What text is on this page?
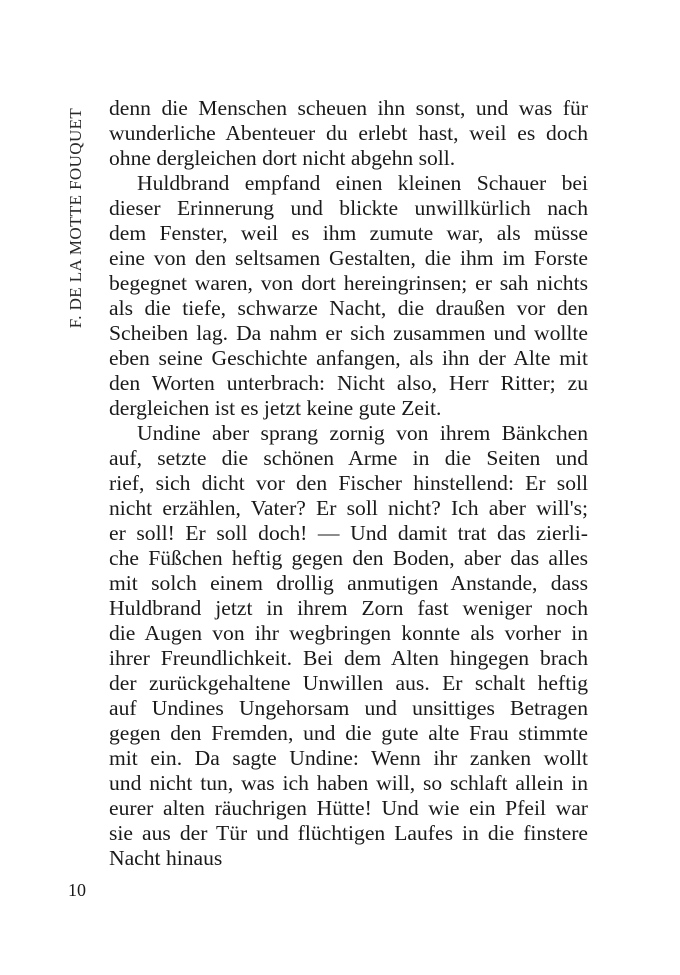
F. DE LA MOTTE FOUQUET denn die Menschen scheuen ihn sonst, und was für
wunderliche Abenteuer du erlebt hast, weil es doch
ohne dergleichen dort nicht abgehn soll.
Huldbrand empfand einen kleinen Schauer bei
dieser Erinnerung und blickte unwillkürlich nach
dem Fenster, weil es ihm zumute war, als müsse
eine von den seltsamen Gestalten, die ihm im Forste
begegnet waren, von dort hereingrinsen; er sah nichts
als die tiefe, schwarze Nacht, die draußen vor den
Scheiben lag. Da nahm er sich zusammen und wollte
eben seine Geschichte anfangen, als ihn der Alte mit
den Worten unterbrach: Nicht also, Herr Ritter; zu
dergleichen ist es jetzt keine gute Zeit.
Undine aber sprang zornig von ihrem Bänkchen
auf, setzte die schönen Arme in die Seiten und
rief, sich dicht vor den Fischer hinstellend: Er soll
nicht erzählen, Vater? Er soll nicht? Ich aber will's;
er soll! Er soll doch! — Und damit trat das zierli-
che Füßchen heftig gegen den Boden, aber das alles
mit solch einem drollig anmutigen Anstande, dass
Huldbrand jetzt in ihrem Zorn fast weniger noch
die Augen von ihr wegbringen konnte als vorher in
ihrer Freundlichkeit. Bei dem Alten hingegen brach
der zurückgehaltene Unwillen aus. Er schalt heftig
auf Undines Ungehorsam und unsittiges Betragen
gegen den Fremden, und die gute alte Frau stimmte
mit ein. Da sagte Undine: Wenn ihr zanken wollt
und nicht tun, was ich haben will, so schlaft allein in
eurer alten räuchrigen Hütte! Und wie ein Pfeil war
sie aus der Tür und flüchtigen Laufes in die finstere
Nacht hinaus
10
